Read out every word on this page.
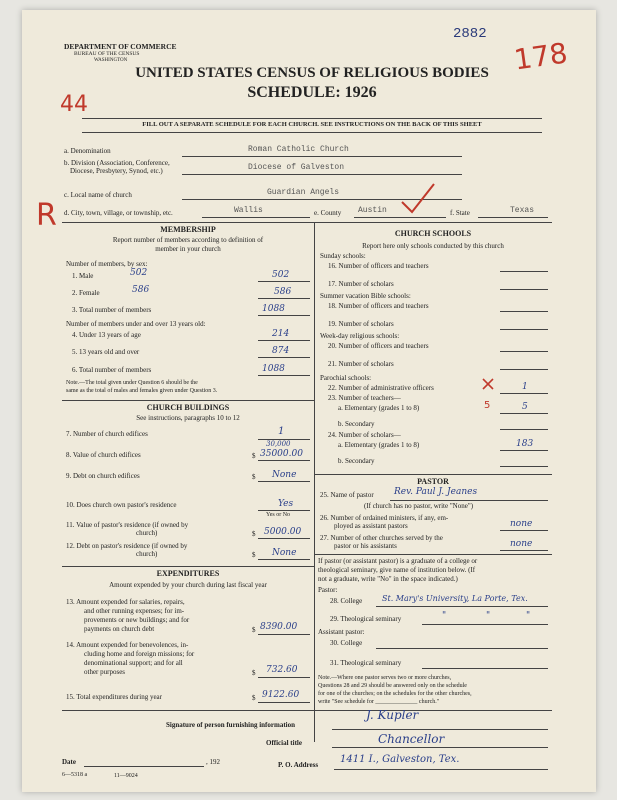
DEPARTMENT OF COMMERCE
BUREAU OF THE CENSUS
WASHINGTON
2882
178
UNITED STATES CENSUS OF RELIGIOUS BODIES
SCHEDULE: 1926
44
FILL OUT A SEPARATE SCHEDULE FOR EACH CHURCH. SEE INSTRUCTIONS ON THE BACK OF THIS SHEET
a. Denomination	Roman Catholic Church
b. Division (Association, Conference,
Diocese, Presbytery, Synod, etc.)	Diocese of Galveston
R
c. Local name of church	Guardian Angels
d. City, town, village, or township, etc.	Wallis	e. County Austin	f. State	Texas
MEMBERSHIP
Report number of members according to definition of
member in your church
Number of members, by sex:
1. Male	502	502
2. Female	586	586
3. Total number of members	1088
Number of members under and over 13 years old:
4. Under 13 years of age	214
5. 13 years old and over	874
6. Total number of members	1088
Note.—The total given under Question 6 should be the
same as the total of males and females given under Question 3.
CHURCH BUILDINGS
See instructions, paragraphs 10 to 12
7. Number of church edifices	1
30,000
8. Value of church edifices	$ 35000.00
9. Debt on church edifices	$ None
10. Does church own pastor's residence	Yes
Yes or No
11. Value of pastor's residence (if owned by
church)	$ 5000.00
12. Debt on pastor's residence (if owned by
church)	$ None
EXPENDITURES
Amount expended by your church during last fiscal year
13. Amount expended for salaries, repairs,
and other running expenses; for im-
provements or new buildings; and for
payments on church debt	$ 8390.00
14. Amount expended for benevolences, in-
cluding home and foreign missions; for
denominational support; and for all
other purposes	$ 732.60
15. Total expenditures during year	$ 9122.60
CHURCH SCHOOLS
Report here only schools conducted by this church
Sunday schools:
16. Number of officers and teachers
17. Number of scholars
Summer vacation Bible schools:
18. Number of officers and teachers
19. Number of scholars
Week-day religious schools:
20. Number of officers and teachers
21. Number of scholars
Parochial schools:
22. Number of administrative officers	1
23. Number of teachers—
a. Elementary (grades 1 to 8)	5	5
b. Secondary
24. Number of scholars—
a. Elementary (grades 1 to 8)	183
b. Secondary
PASTOR
25. Name of pastor Rev. Paul J. Jeanes
(If church has no pastor, write "None")
26. Number of ordained ministers, if any, em-
ployed as assistant pastors	none
27. Number of other churches served by the
pastor or his assistants	none
If pastor (or assistant pastor) is a graduate of a college or
theological seminary, give name of institution below. (If
not a graduate, write "No" in the space indicated.)
Pastor:
28. College St. Mary's University, La Porte, Tex.
29. Theological seminary	"	"	"
Assistant pastor:
30. College
31. Theological seminary
Note.—Where one pastor serves two or more churches,
Questions 28 and 29 should be answered only on the schedule
for one of the churches; on the schedules for the other churches,
write "See schedule for ______________ church."
Signature of person furnishing information
J. Kupler
Official title	Chancellor
Date	, 192	P. O. Address 1411 I., Galveston, Tex.
6—5318 a	11—9024
